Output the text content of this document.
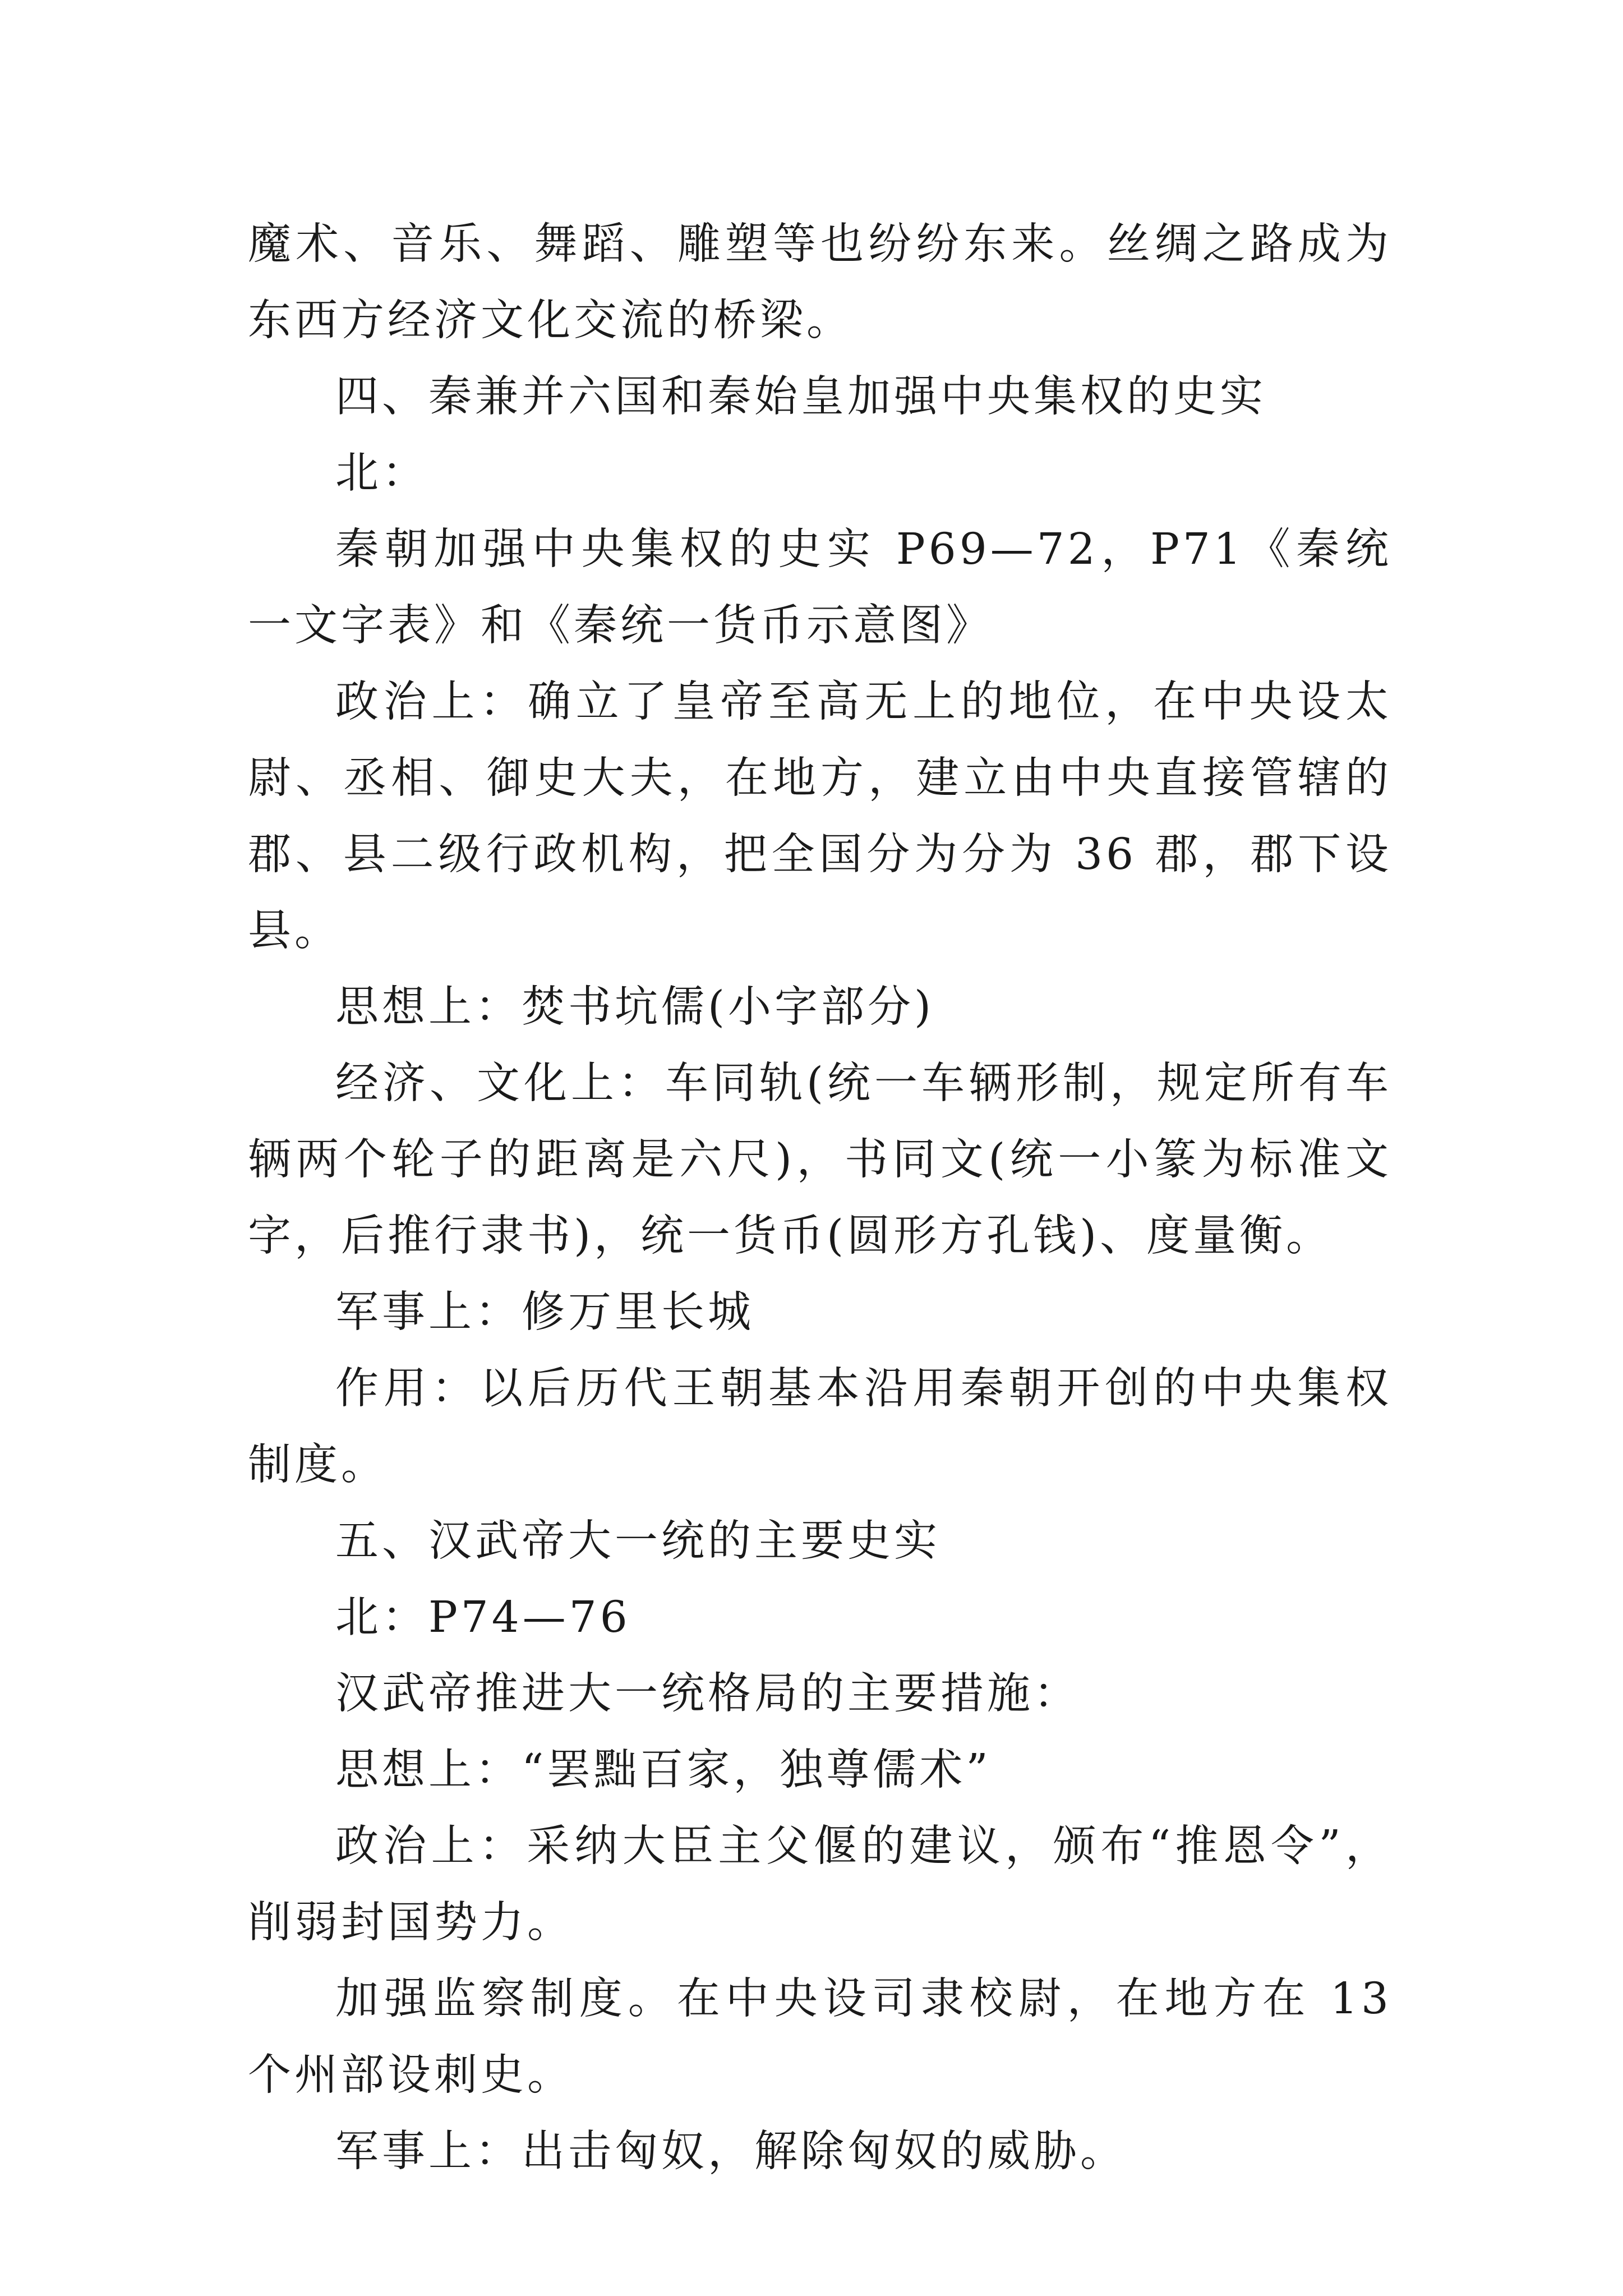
魔术、音乐、舞蹈、雕塑等也纷纷东来。丝绸之路成为东西方经济文化交流的桥梁。

四、秦兼并六国和秦始皇加强中央集权的史实

北：

秦朝加强中央集权的史实 P69—72，P71《秦统一文字表》和《秦统一货币示意图》

政治上：确立了皇帝至高无上的地位，在中央设太尉、丞相、御史大夫，在地方，建立由中央直接管辖的郡、县二级行政机构，把全国分为分为 36 郡，郡下设县。

思想上：焚书坑儒(小字部分)

经济、文化上：车同轨(统一车辆形制，规定所有车辆两个轮子的距离是六尺)，书同文(统一小篆为标准文字，后推行隶书)，统一货币(圆形方孔钱)、度量衡。

军事上：修万里长城

作用：以后历代王朝基本沿用秦朝开创的中央集权制度。

五、汉武帝大一统的主要史实

北：P74—76

汉武帝推进大一统格局的主要措施：

思想上：“罢黜百家，独尊儒术”

政治上：采纳大臣主父偃的建议，颁布“推恩令”，削弱封国势力。

加强监察制度。在中央设司隶校尉，在地方在 13 个州部设刺史。

军事上：出击匈奴，解除匈奴的威胁。
